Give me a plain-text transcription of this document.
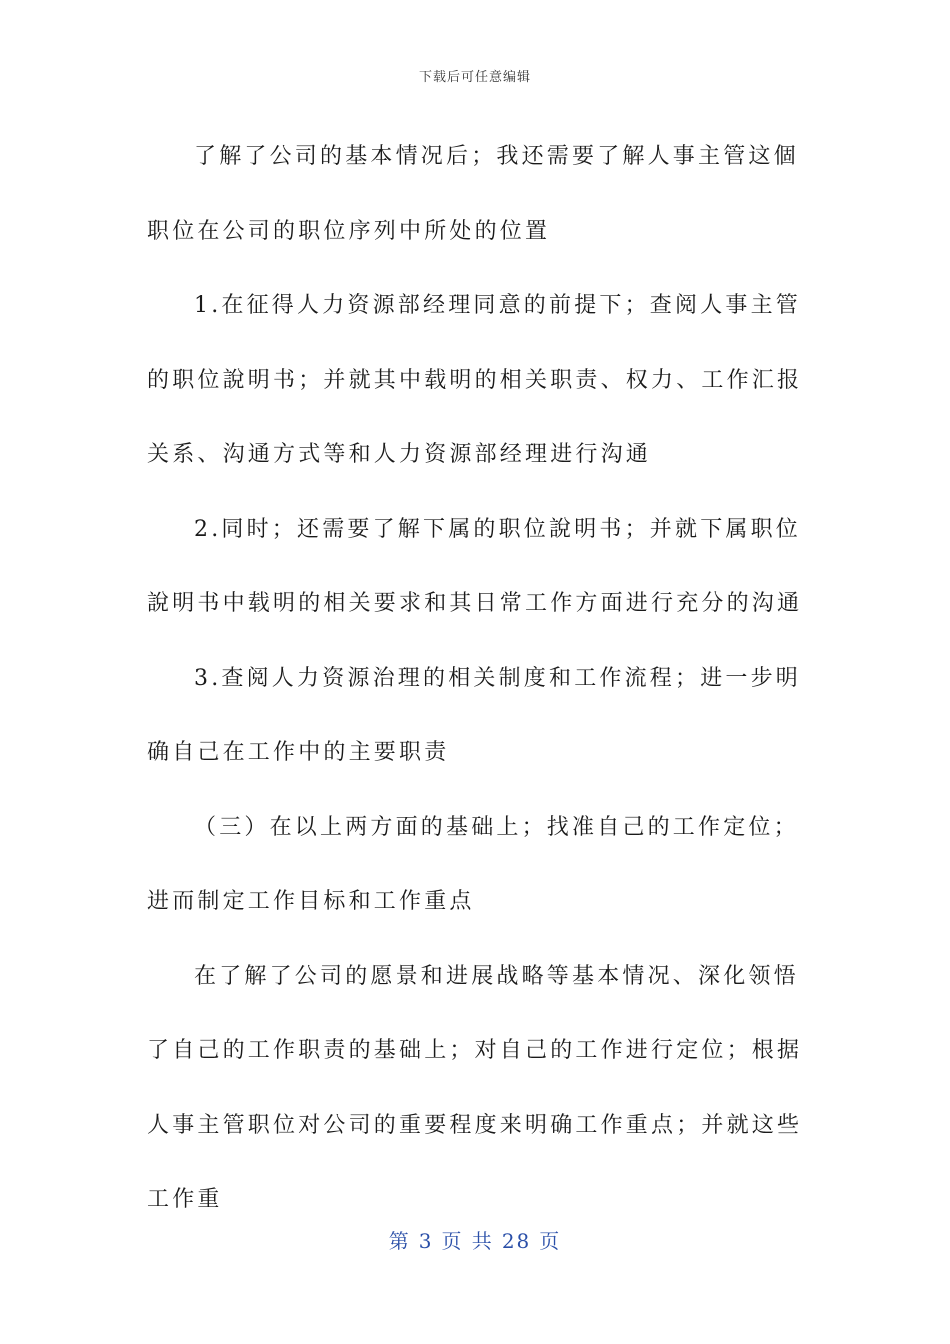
下载后可任意编辑

了解了公司的基本情况后；我还需要了解人事主管这個职位在公司的职位序列中所处的位置

1.在征得人力资源部经理同意的前提下；查阅人事主管的职位說明书；并就其中载明的相关职责、权力、工作汇报关系、沟通方式等和人力资源部经理进行沟通

2.同时；还需要了解下属的职位說明书；并就下属职位說明书中载明的相关要求和其日常工作方面进行充分的沟通

3.查阅人力资源治理的相关制度和工作流程；进一步明确自己在工作中的主要职责

（三）在以上两方面的基础上；找准自己的工作定位；进而制定工作目标和工作重点

在了解了公司的愿景和进展战略等基本情况、深化领悟了自己的工作职责的基础上；对自己的工作进行定位；根据人事主管职位对公司的重要程度来明确工作重点；并就这些工作重

第 3 页 共 28 页
